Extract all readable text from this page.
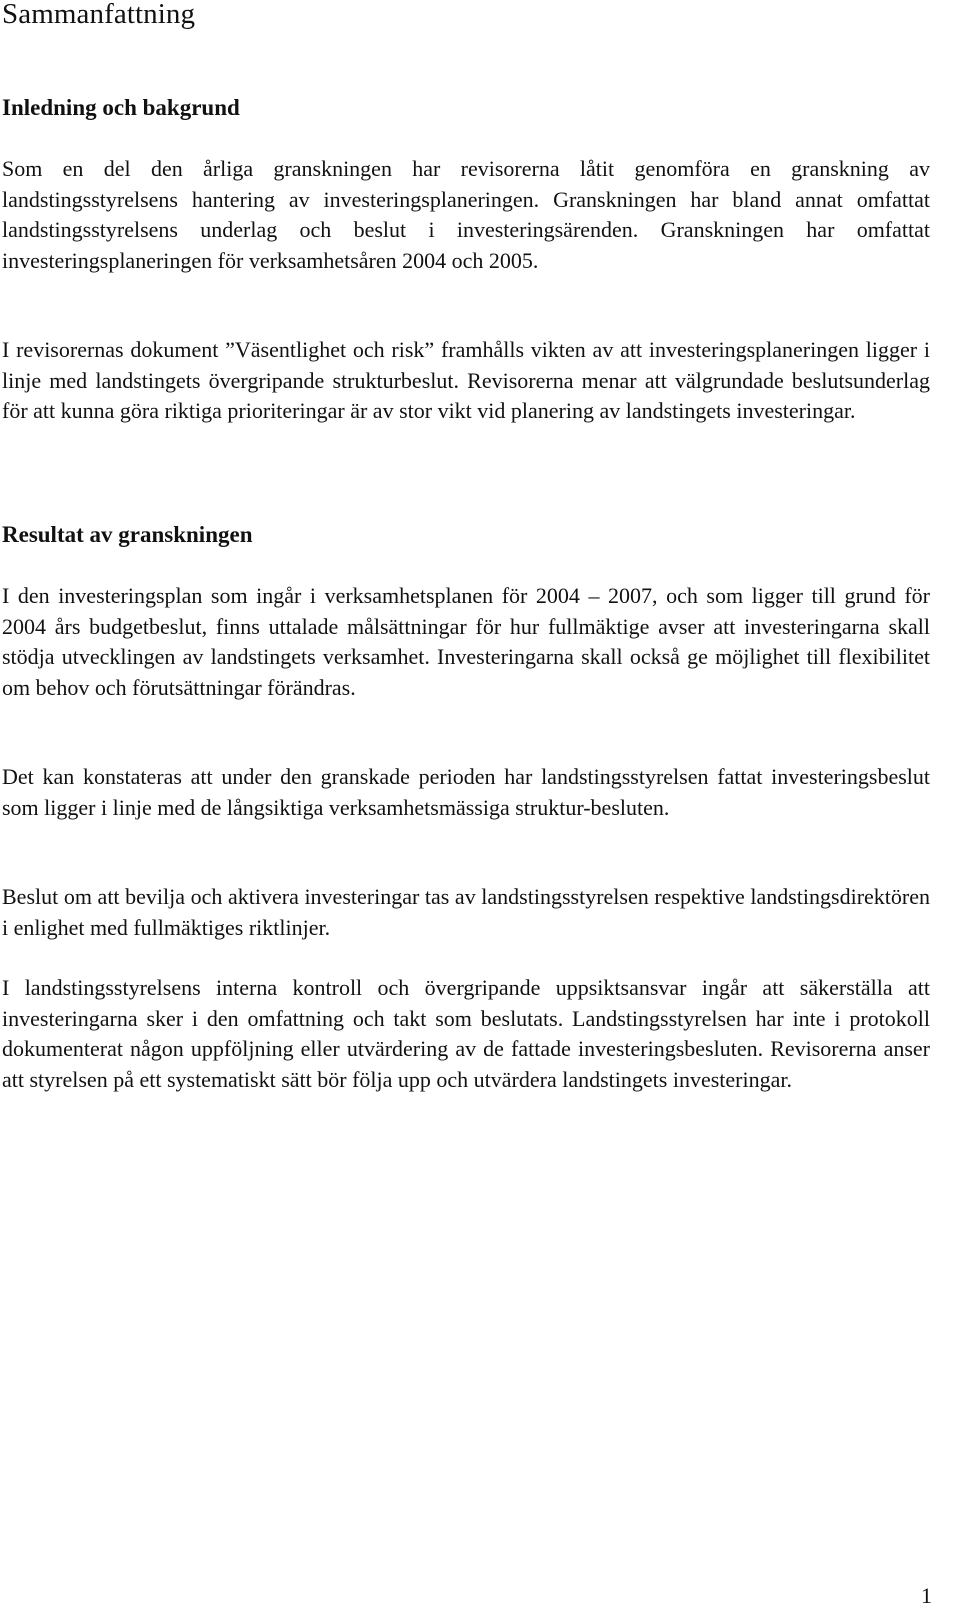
Sammanfattning
Inledning och bakgrund

Som en del den årliga granskningen har revisorerna låtit genomföra en granskning av landstingsstyrelsens hantering av investeringsplaneringen. Granskningen har bland annat omfattat landstingsstyrelsens underlag och beslut i investeringsärenden. Granskningen har omfattat investeringsplaneringen för verksamhetsåren 2004 och 2005.

I revisorernas dokument ”Väsentlighet och risk” framhålls vikten av att investeringsplaneringen ligger i linje med landstingets övergripande strukturbeslut. Revisorerna menar att välgrundade beslutsunderlag för att kunna göra riktiga prioriteringar är av stor vikt vid planering av landstingets investeringar.

Resultat av granskningen

I den investeringsplan som ingår i verksamhetsplanen för 2004 – 2007, och som ligger till grund för 2004 års budgetbeslut, finns uttalade målsättningar för hur fullmäktige avser att investeringarna skall stödja utvecklingen av landstingets verksamhet. Investeringarna skall också ge möjlighet till flexibilitet om behov och förutsättningar förändras.

Det kan konstateras att under den granskade perioden har landstingsstyrelsen fattat investeringsbeslut som ligger i linje med de långsiktiga verksamhetsmässiga struktur-besluten.

Beslut om att bevilja och aktivera investeringar tas av landstingsstyrelsen respektive landstingsdirektören i enlighet med fullmäktiges riktlinjer.

I landstingsstyrelsens interna kontroll och övergripande uppsiktsansvar ingår att säkerställa att investeringarna sker i den omfattning och takt som beslutats. Landstingsstyrelsen har inte i protokoll dokumenterat någon uppföljning eller utvärdering av de fattade investeringsbesluten. Revisorerna anser att styrelsen på ett systematiskt sätt bör följa upp och utvärdera landstingets investeringar.

1
